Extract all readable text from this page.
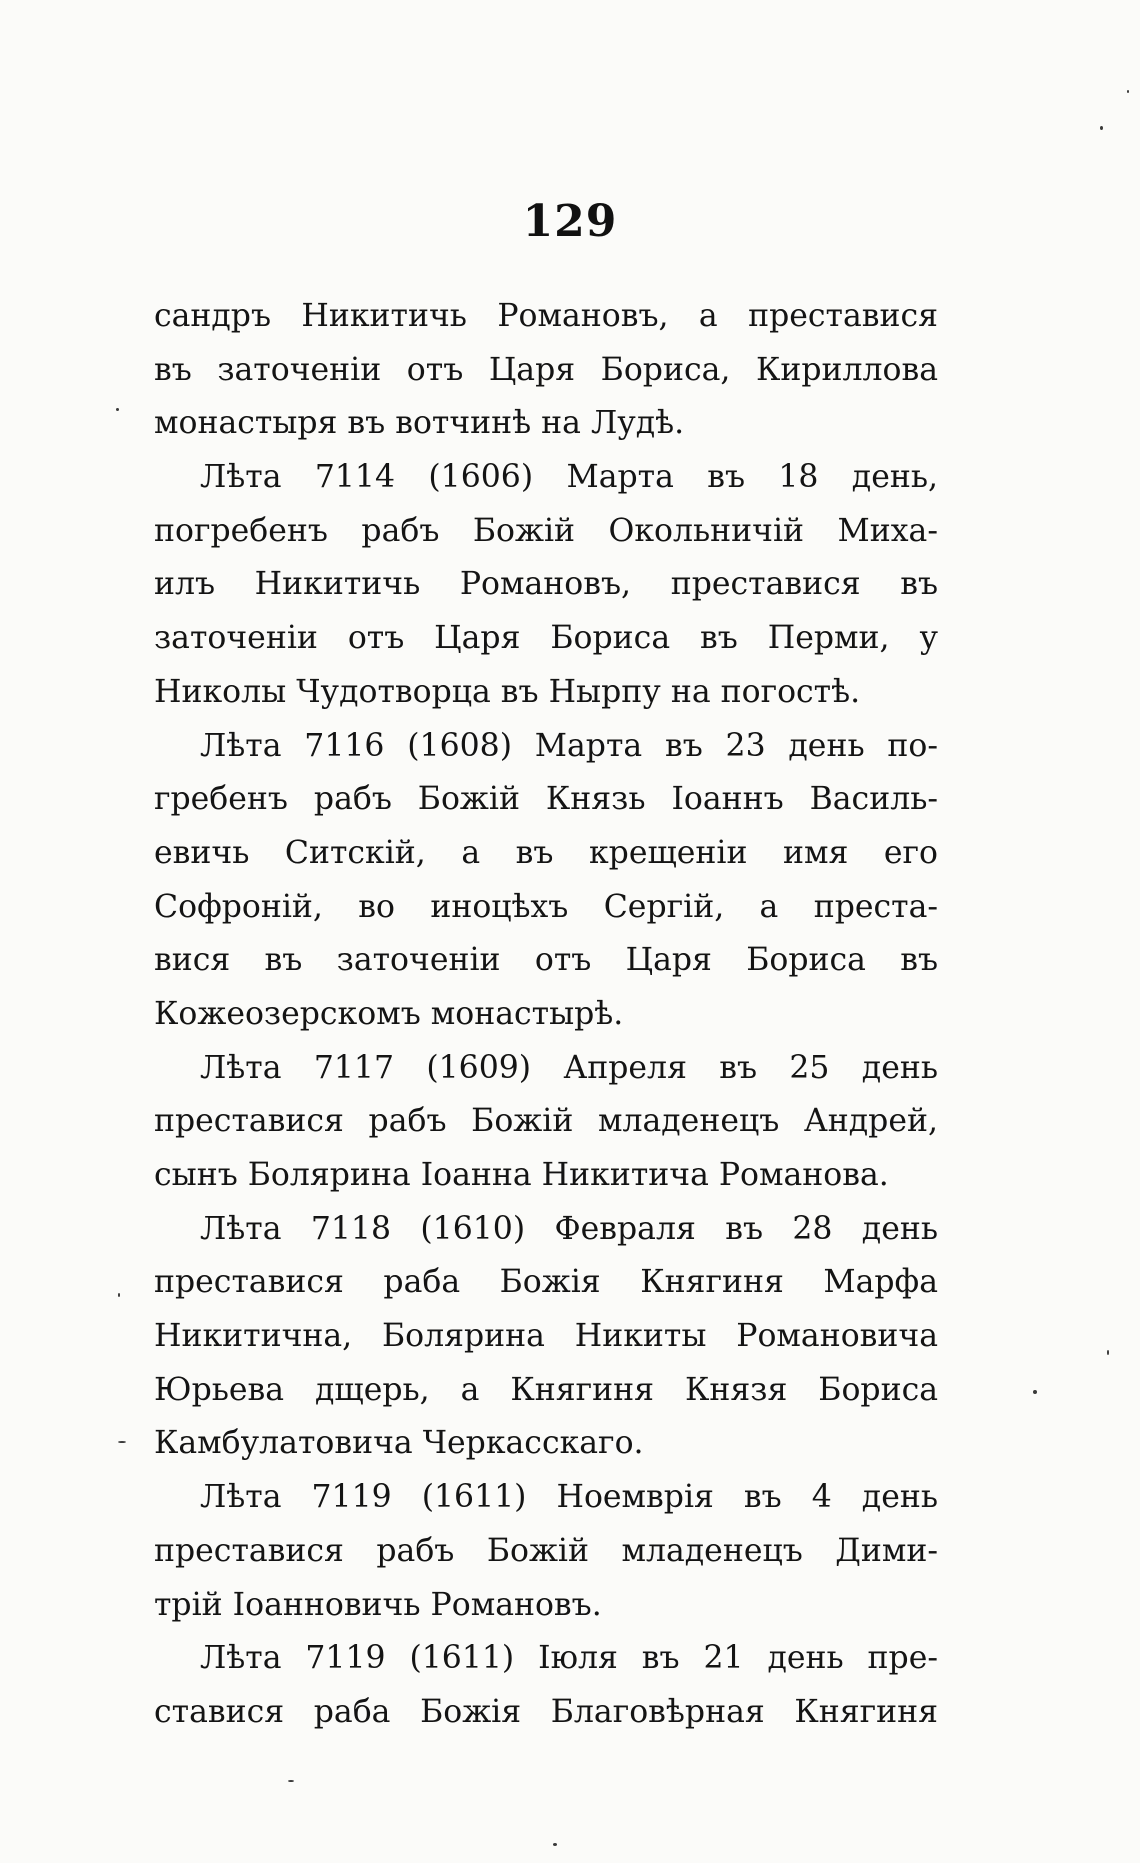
129
сандръ Никитичь Романовъ, а преставися
въ заточеніи отъ Царя Бориса, Кириллова
монастыря въ вотчинѣ на Лудѣ.
Лѣта 7114 (1606) Марта въ 18 день,
погребенъ рабъ Божій Окольничій Миха-
илъ Никитичь Романовъ, преставися въ
заточеніи отъ Царя Бориса въ Перми, у
Николы Чудотворца въ Нырпу на погостѣ.
Лѣта 7116 (1608) Марта въ 23 день по-
гребенъ рабъ Божій Князь Іоаннъ Василь-
евичь Ситскій, а въ крещеніи имя его
Софроній, во иноцѣхъ Сергій, а преста-
вися въ заточеніи отъ Царя Бориса въ
Кожеозерскомъ монастырѣ.
Лѣта 7117 (1609) Апреля въ 25 день
преставися рабъ Божій младенецъ Андрей,
сынъ Болярина Іоанна Никитича Романова.
Лѣта 7118 (1610) Февраля въ 28 день
преставися раба Божія Княгиня Марфа
Никитична, Болярина Никиты Романовича
Юрьева дщерь, а Княгиня Князя Бориса
Камбулатовича Черкасскаго.
Лѣта 7119 (1611) Ноемврія въ 4 день
преставися рабъ Божій младенецъ Дими-
трій Іоанновичь Романовъ.
Лѣта 7119 (1611) Іюля въ 21 день пре-
ставися раба Божія Благовѣрная Княгиня
